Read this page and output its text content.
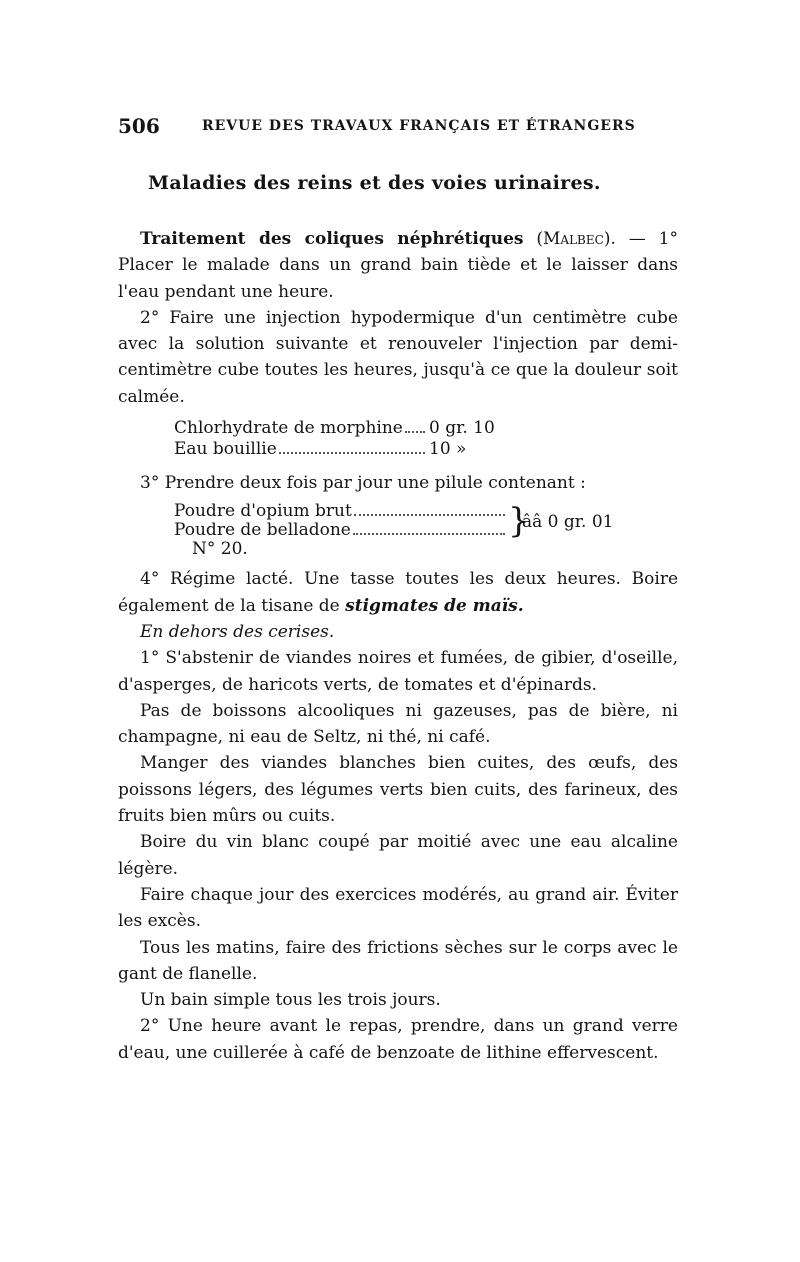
506	REVUE DES TRAVAUX FRANÇAIS ET ÉTRANGERS
Maladies des reins et des voies urinaires.

Traitement des coliques néphrétiques (Malbec). — 1° Placer le malade dans un grand bain tiède et le laisser dans l'eau pendant une heure.

2° Faire une injection hypodermique d'un centimètre cube avec la solution suivante et renouveler l'injection par demi-centimètre cube toutes les heures, jusqu'à ce que la douleur soit calmée.

Chlorhydrate de morphine 0 gr. 10
Eau bouillie	10 »

3° Prendre deux fois par jour une pilule contenant :

Poudre d'opium brut
Poudre de belladone	}
ââ 0 gr. 01
N° 20.

4° Régime lacté. Une tasse toutes les deux heures. Boire également de la tisane de stigmates de maïs.

En dehors des cerises.

1° S'abstenir de viandes noires et fumées, de gibier, d'oseille, d'asperges, de haricots verts, de tomates et d'épinards.

Pas de boissons alcooliques ni gazeuses, pas de bière, ni champagne, ni eau de Seltz, ni thé, ni café.

Manger des viandes blanches bien cuites, des œufs, des poissons légers, des légumes verts bien cuits, des farineux, des fruits bien mûrs ou cuits.

Boire du vin blanc coupé par moitié avec une eau alcaline légère.

Faire chaque jour des exercices modérés, au grand air. Éviter les excès.

Tous les matins, faire des frictions sèches sur le corps avec le gant de flanelle.

Un bain simple tous les trois jours.

2° Une heure avant le repas, prendre, dans un grand verre d'eau, une cuillerée à café de benzoate de lithine effervescent.
